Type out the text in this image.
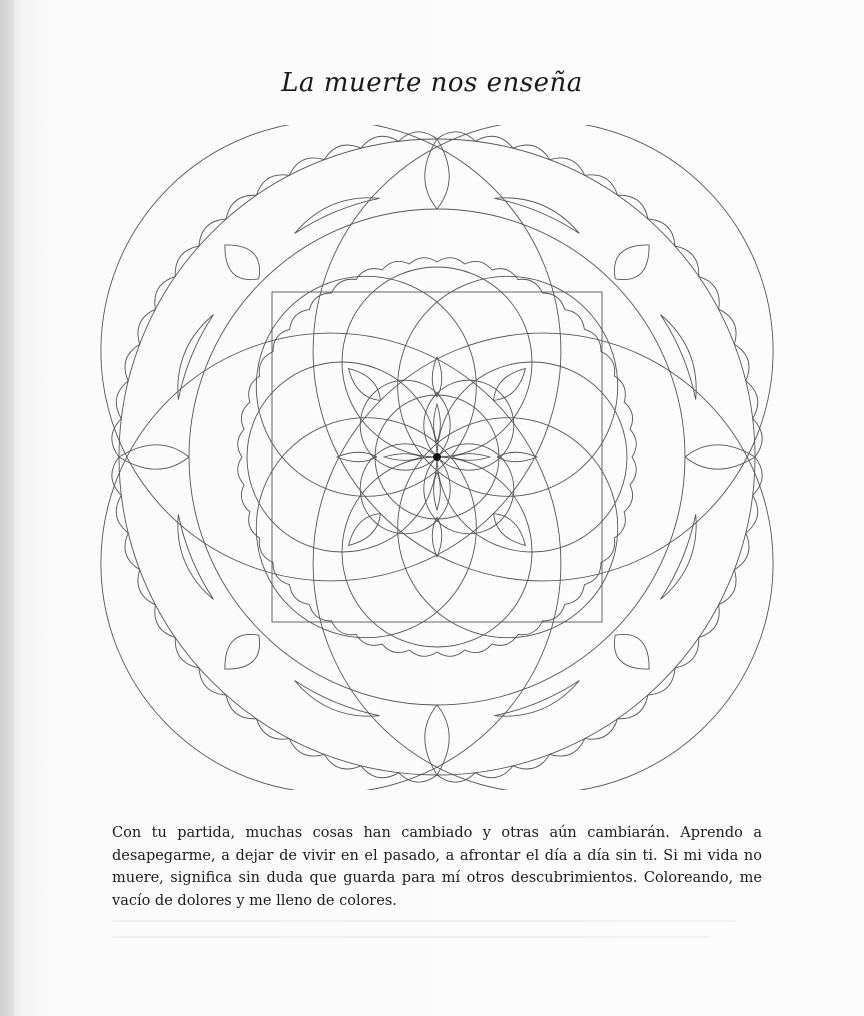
La muerte nos enseña
Con tu partida, muchas cosas han cambiado y otras aún cambiarán. Aprendo a desapegarme, a dejar de vivir en el pasado, a afrontar el día a día sin ti. Si mi vida no muere, significa sin duda que guarda para mí otros descubrimientos. Coloreando, me vacío de dolores y me lleno de colores.
